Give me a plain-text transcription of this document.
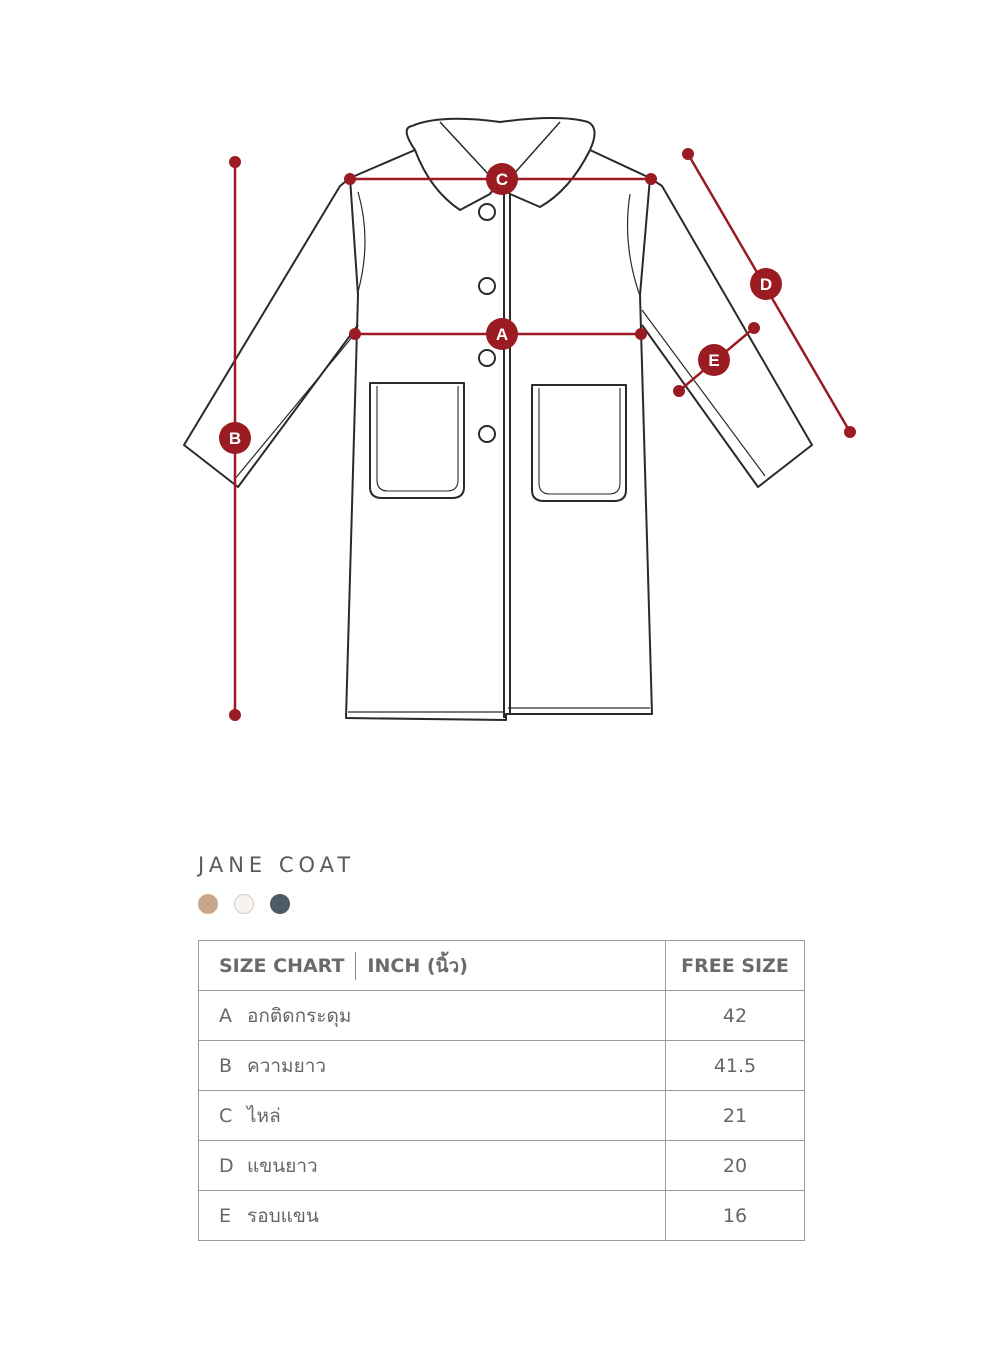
A
B
C
D
E
JANE COAT
SIZE CHART INCH (นิ้ว)	FREE SIZE
A อกติดกระดุม	42
B ความยาว	41.5
C ไหล่	21
D แขนยาว	20
E รอบแขน	16
